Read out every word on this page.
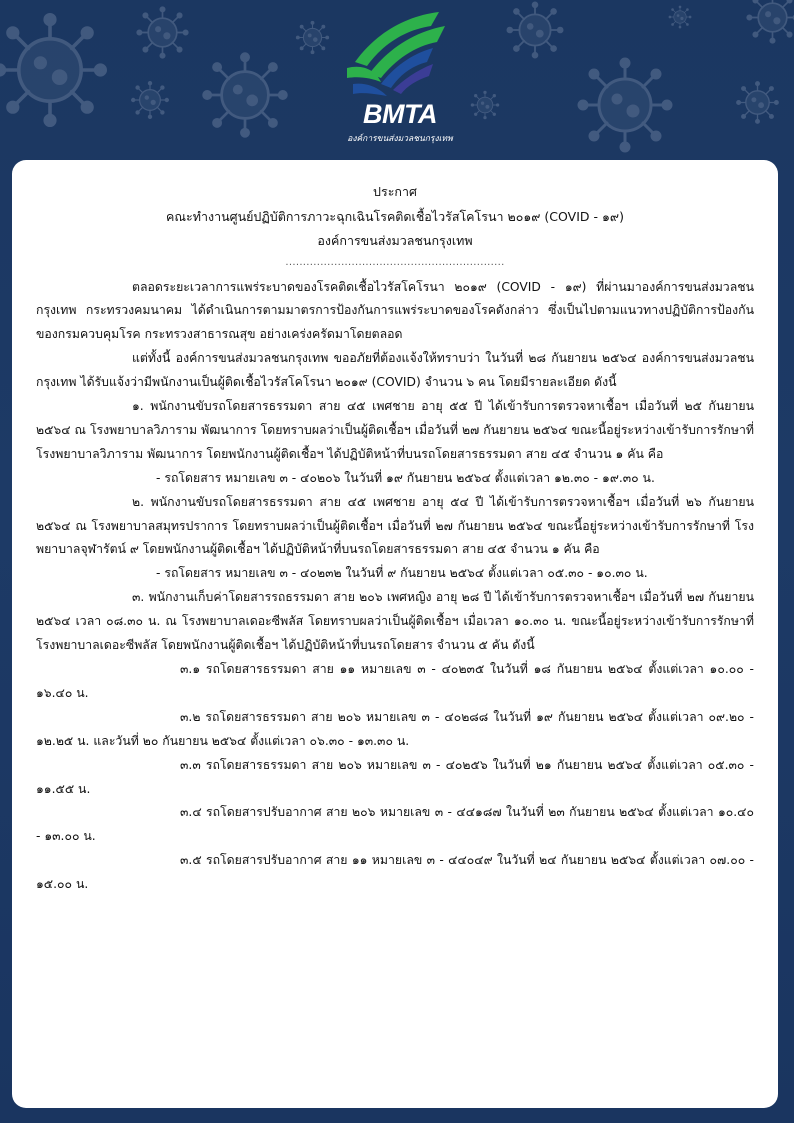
BMTA
องค์การขนส่งมวลชนกรุงเทพ
ประกาศ
คณะทำงานศูนย์ปฏิบัติการภาวะฉุกเฉินโรคติดเชื้อไวรัสโคโรนา ๒๐๑๙ (COVID - ๑๙)
องค์การขนส่งมวลชนกรุงเทพ
...............................................................

ตลอดระยะเวลาการแพร่ระบาดของโรคติดเชื้อไวรัสโคโรนา ๒๐๑๙ (COVID - ๑๙) ที่ผ่านมาองค์การขนส่งมวลชนกรุงเทพ กระทรวงคมนาคม ได้ดำเนินการตามมาตรการป้องกันการแพร่ระบาดของโรคดังกล่าว ซึ่งเป็นไปตามแนวทางปฏิบัติการป้องกันของกรมควบคุมโรค กระทรวงสาธารณสุข อย่างเคร่งครัดมาโดยตลอด

แต่ทั้งนี้ องค์การขนส่งมวลชนกรุงเทพ ขออภัยที่ต้องแจ้งให้ทราบว่า ในวันที่ ๒๘ กันยายน ๒๕๖๔ องค์การขนส่งมวลชนกรุงเทพ ได้รับแจ้งว่ามีพนักงานเป็นผู้ติดเชื้อไวรัสโคโรนา ๒๐๑๙ (COVID) จำนวน ๖ คน โดยมีรายละเอียด ดังนี้

๑. พนักงานขับรถโดยสารธรรมดา สาย ๔๕ เพศชาย อายุ ๕๕ ปี ได้เข้ารับการตรวจหาเชื้อฯ เมื่อวันที่ ๒๕ กันยายน ๒๕๖๔ ณ โรงพยาบาลวิภาราม พัฒนาการ โดยทราบผลว่าเป็นผู้ติดเชื้อฯ เมื่อวันที่ ๒๗ กันยายน ๒๕๖๔ ขณะนี้อยู่ระหว่างเข้ารับการรักษาที่ โรงพยาบาลวิภาราม พัฒนาการ โดยพนักงานผู้ติดเชื้อฯ ได้ปฏิบัติหน้าที่บนรถโดยสารธรรมดา สาย ๔๕ จำนวน ๑ คัน คือ

- รถโดยสาร หมายเลข ๓ - ๔๐๒๐๖ ในวันที่ ๑๙ กันยายน ๒๕๖๔ ตั้งแต่เวลา ๑๒.๓๐ - ๑๙.๓๐ น.

๒. พนักงานขับรถโดยสารธรรมดา สาย ๔๕ เพศชาย อายุ ๕๔ ปี ได้เข้ารับการตรวจหาเชื้อฯ เมื่อวันที่ ๒๖ กันยายน ๒๕๖๔ ณ โรงพยาบาลสมุทรปราการ โดยทราบผลว่าเป็นผู้ติดเชื้อฯ เมื่อวันที่ ๒๗ กันยายน ๒๕๖๔ ขณะนี้อยู่ระหว่างเข้ารับการรักษาที่ โรงพยาบาลจุฬารัตน์ ๙ โดยพนักงานผู้ติดเชื้อฯ ได้ปฏิบัติหน้าที่บนรถโดยสารธรรมดา สาย ๔๕ จำนวน ๑ คัน คือ

- รถโดยสาร หมายเลข ๓ - ๔๐๒๓๒ ในวันที่ ๙ กันยายน ๒๕๖๔ ตั้งแต่เวลา ๐๕.๓๐ - ๑๐.๓๐ น.

๓. พนักงานเก็บค่าโดยสารรถธรรมดา สาย ๒๐๖ เพศหญิง อายุ ๒๘ ปี ได้เข้ารับการตรวจหาเชื้อฯ เมื่อวันที่ ๒๗ กันยายน ๒๕๖๔ เวลา ๐๘.๓๐ น. ณ โรงพยาบาลเดอะซีพลัส โดยทราบผลว่าเป็นผู้ติดเชื้อฯ เมื่อเวลา ๑๐.๓๐ น. ขณะนี้อยู่ระหว่างเข้ารับการรักษาที่ โรงพยาบาลเดอะซีพลัส โดยพนักงานผู้ติดเชื้อฯ ได้ปฏิบัติหน้าที่บนรถโดยสาร จำนวน ๕ คัน ดังนี้

๓.๑ รถโดยสารธรรมดา สาย ๑๑ หมายเลข ๓ - ๔๐๒๓๕ ในวันที่ ๑๘ กันยายน ๒๕๖๔ ตั้งแต่เวลา ๑๐.๐๐ - ๑๖.๔๐ น.

๓.๒ รถโดยสารธรรมดา สาย ๒๐๖ หมายเลข ๓ - ๔๐๒๘๘ ในวันที่ ๑๙ กันยายน ๒๕๖๔ ตั้งแต่เวลา ๐๙.๒๐ - ๑๒.๒๕ น. และวันที่ ๒๐ กันยายน ๒๕๖๔ ตั้งแต่เวลา ๐๖.๓๐ - ๑๓.๓๐ น.

๓.๓ รถโดยสารธรรมดา สาย ๒๐๖ หมายเลข ๓ - ๔๐๒๕๖ ในวันที่ ๒๑ กันยายน ๒๕๖๔ ตั้งแต่เวลา ๐๕.๓๐ - ๑๑.๕๕ น.

๓.๔ รถโดยสารปรับอากาศ สาย ๒๐๖ หมายเลข ๓ - ๔๔๑๘๗ ในวันที่ ๒๓ กันยายน ๒๕๖๔ ตั้งแต่เวลา ๑๐.๔๐ - ๑๓.๐๐ น.

๓.๕ รถโดยสารปรับอากาศ สาย ๑๑ หมายเลข ๓ - ๔๔๐๔๙ ในวันที่ ๒๔ กันยายน ๒๕๖๔ ตั้งแต่เวลา ๐๗.๐๐ - ๑๕.๐๐ น.
